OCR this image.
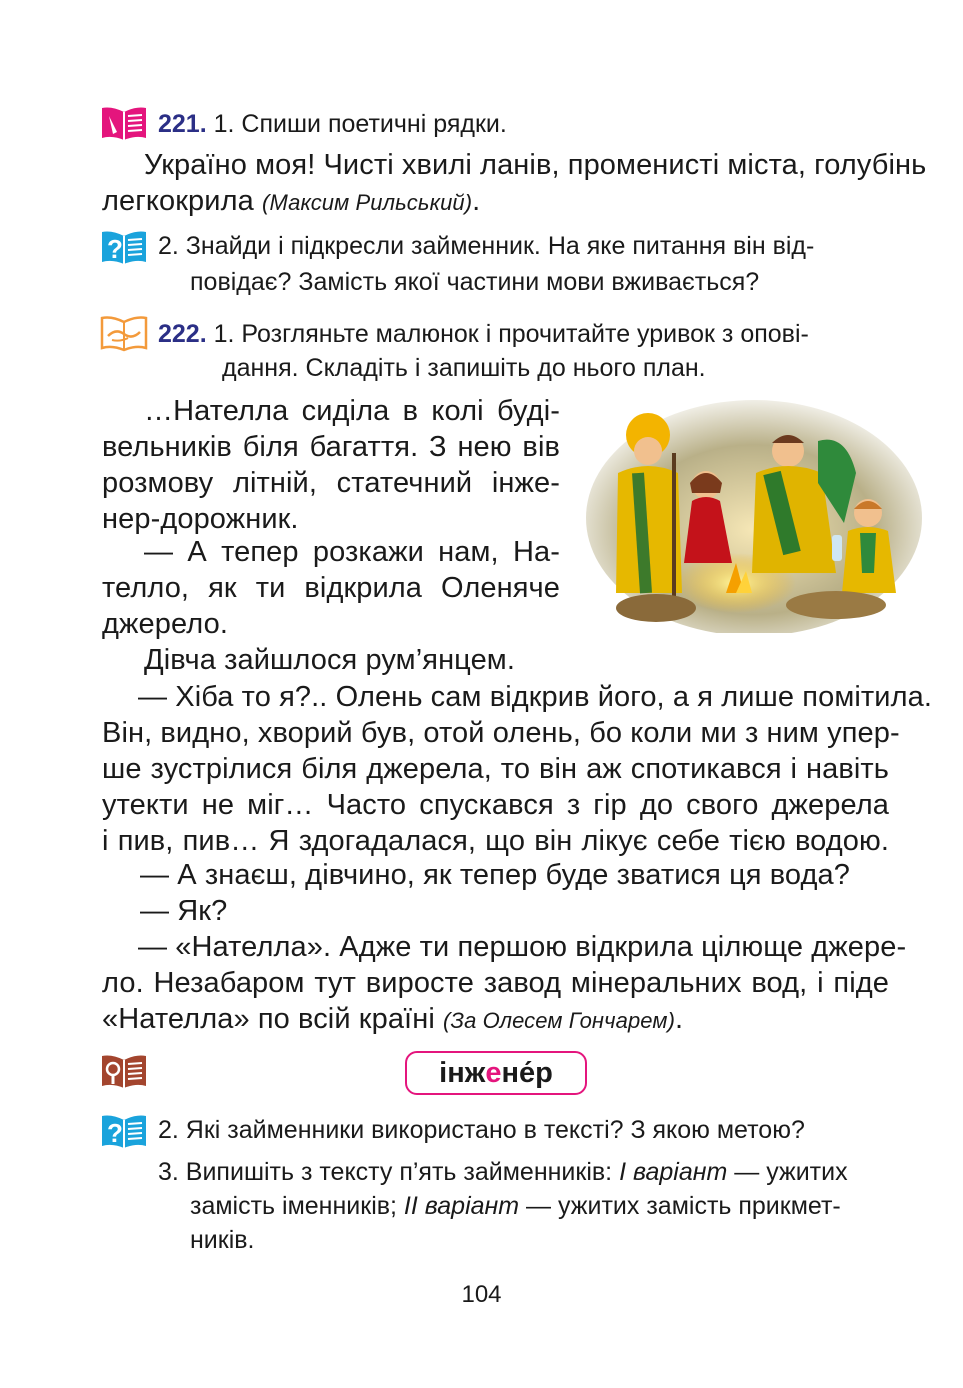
221. 1. Спиши поетичні рядки.
Україно моя! Чисті хвилі ланів, променисті міста, голубінь
легкокрила (Максим Рильський).
? 2. Знайди і підкресли займенник. На яке питання він від-
повідає? Замість якої частини мови вживається?
222. 1. Розгляньте малюнок і прочитайте уривок з опові-
дання. Складіть і запишіть до нього план.
…Нателла сиділа в колі буді-
вельників біля багаття. З нею вів
розмову літній, статечний інже-
нер-дорожник.
— А тепер розкажи нам, На-
телло, як ти відкрила Оленяче
джерело.
Дівча зайшлося рум’янцем.
— Хіба то я?.. Олень сам відкрив його, а я лише помітила.
Він, видно, хворий був, отой олень, бо коли ми з ним упер-
ше зустрілися біля джерела, то він аж спотикався і навіть
утекти не міг… Часто спускався з гір до свого джерела
і пив, пив… Я здогадалася, що він лікує себе тією водою.
— А знаєш, дівчино, як тепер буде зватися ця вода?
— Як?
— «Нателла». Адже ти першою відкрила цілюще джере-
ло. Незабаром тут виросте завод мінеральних вод, і піде
«Нателла» по всій країні (За Олесем Гончарем).
інж е не́р
? 2. Які займенники використано в тексті? З якою метою?
3. Випишіть з тексту п’ять займенників: І варіант — ужитих
замість іменників; ІІ варіант — ужитих замість прикмет-
ників.
104
